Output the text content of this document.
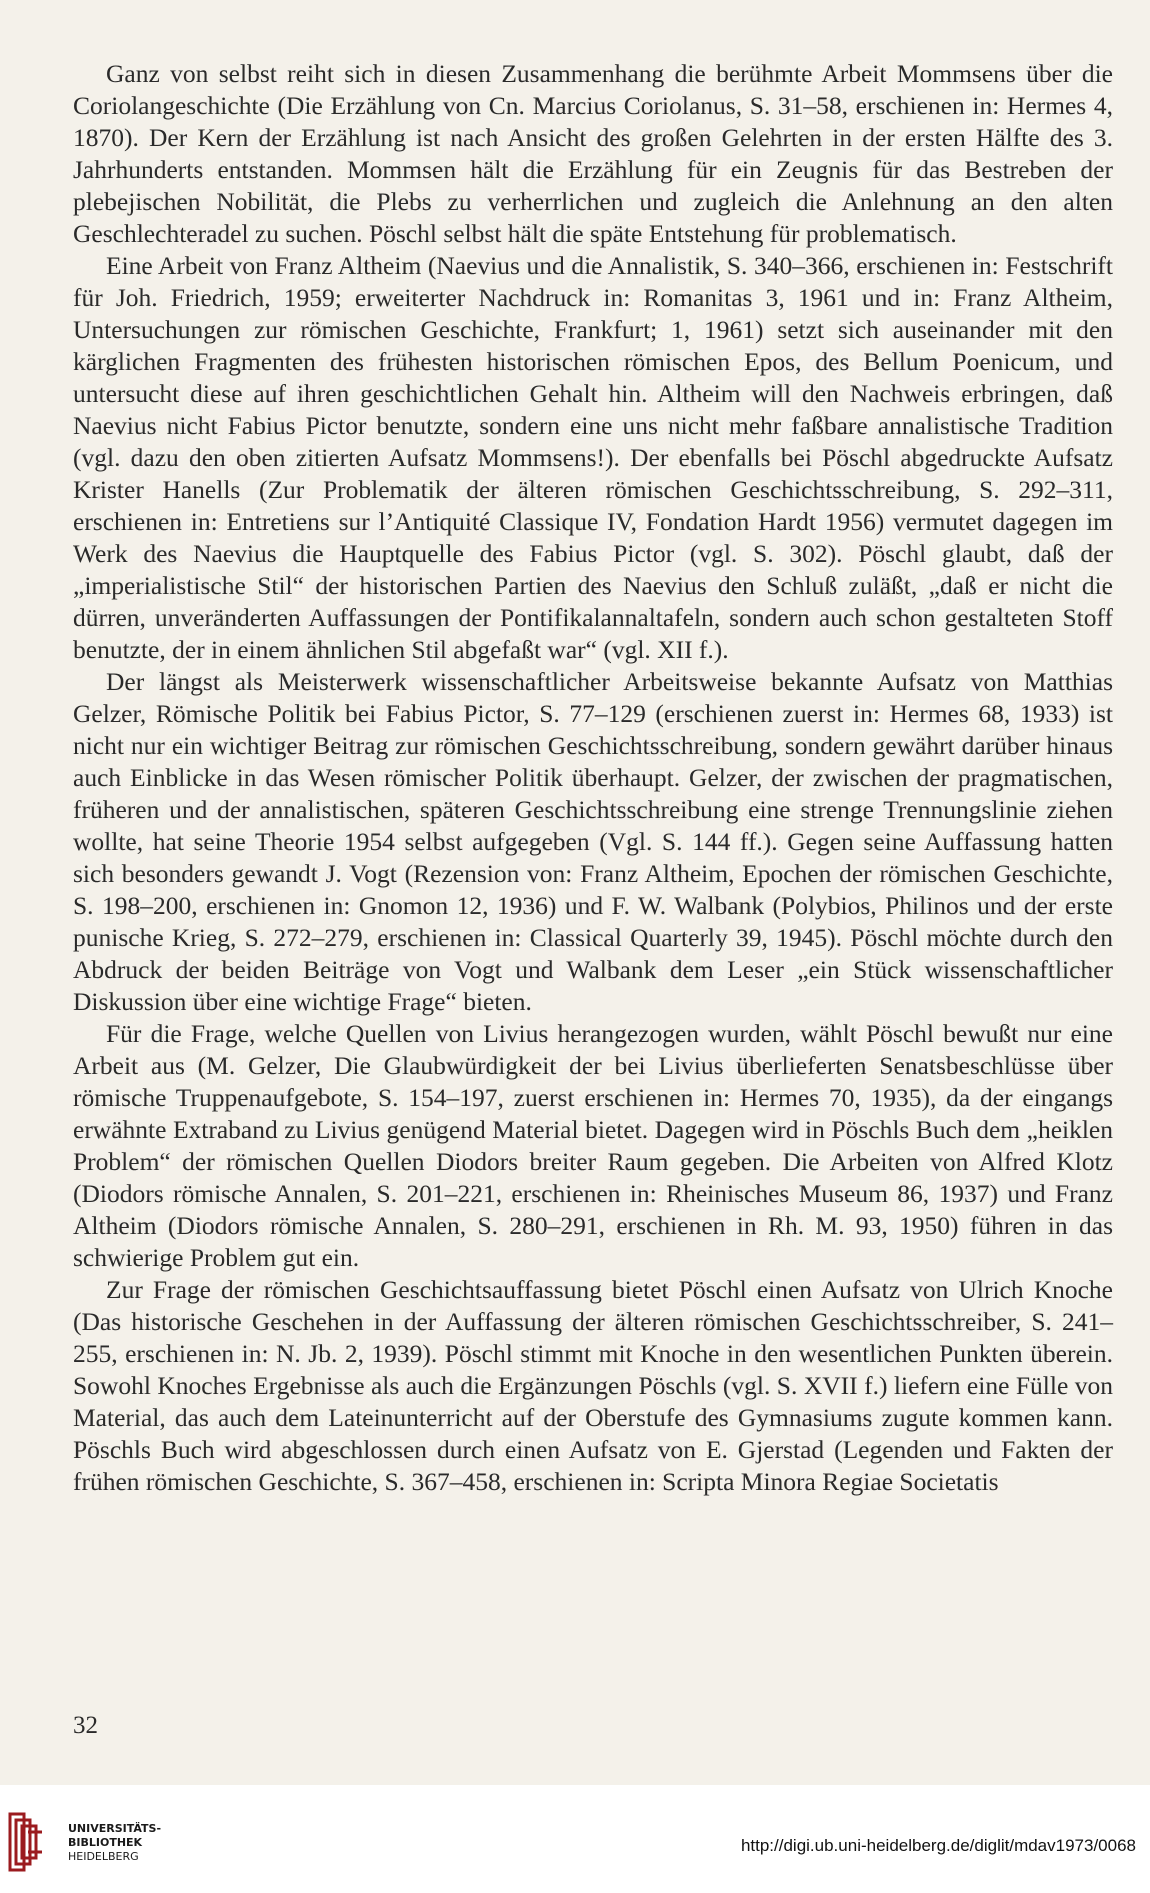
Ganz von selbst reiht sich in diesen Zusammenhang die berühmte Arbeit Mommsens über die Coriolangeschichte (Die Erzählung von Cn. Marcius Coriolanus, S. 31–58, erschienen in: Hermes 4, 1870). Der Kern der Erzählung ist nach Ansicht des großen Gelehrten in der ersten Hälfte des 3. Jahrhunderts entstanden. Mommsen hält die Erzählung für ein Zeugnis für das Bestreben der plebejischen Nobilität, die Plebs zu verherrlichen und zugleich die Anlehnung an den alten Geschlechteradel zu suchen. Pöschl selbst hält die späte Entstehung für problematisch.

Eine Arbeit von Franz Altheim (Naevius und die Annalistik, S. 340–366, erschienen in: Festschrift für Joh. Friedrich, 1959; erweiterter Nachdruck in: Romanitas 3, 1961 und in: Franz Altheim, Untersuchungen zur römischen Geschichte, Frankfurt; 1, 1961) setzt sich auseinander mit den kärglichen Fragmenten des frühesten historischen römischen Epos, des Bellum Poenicum, und untersucht diese auf ihren geschichtlichen Gehalt hin. Altheim will den Nachweis erbringen, daß Naevius nicht Fabius Pictor benutzte, sondern eine uns nicht mehr faßbare annalistische Tradition (vgl. dazu den oben zitierten Aufsatz Mommsens!). Der ebenfalls bei Pöschl abgedruckte Aufsatz Krister Hanells (Zur Problematik der älteren römischen Geschichtsschreibung, S. 292–311, erschienen in: Entretiens sur l’Antiquité Classique IV, Fondation Hardt 1956) vermutet dagegen im Werk des Naevius die Hauptquelle des Fabius Pictor (vgl. S. 302). Pöschl glaubt, daß der „imperialistische Stil“ der historischen Partien des Naevius den Schluß zuläßt, „daß er nicht die dürren, unveränderten Auffassungen der Pontifikalannaltafeln, sondern auch schon gestalteten Stoff benutzte, der in einem ähnlichen Stil abgefaßt war“ (vgl. XII f.).

Der längst als Meisterwerk wissenschaftlicher Arbeitsweise bekannte Aufsatz von Matthias Gelzer, Römische Politik bei Fabius Pictor, S. 77–129 (erschienen zuerst in: Hermes 68, 1933) ist nicht nur ein wichtiger Beitrag zur römischen Geschichtsschreibung, sondern gewährt darüber hinaus auch Einblicke in das Wesen römischer Politik überhaupt. Gelzer, der zwischen der pragmatischen, früheren und der annalistischen, späteren Geschichtsschreibung eine strenge Trennungslinie ziehen wollte, hat seine Theorie 1954 selbst aufgegeben (Vgl. S. 144 ff.). Gegen seine Auffassung hatten sich besonders gewandt J. Vogt (Rezension von: Franz Altheim, Epochen der römischen Geschichte, S. 198–200, erschienen in: Gnomon 12, 1936) und F. W. Walbank (Polybios, Philinos und der erste punische Krieg, S. 272–279, erschienen in: Classical Quarterly 39, 1945). Pöschl möchte durch den Abdruck der beiden Beiträge von Vogt und Walbank dem Leser „ein Stück wissenschaftlicher Diskussion über eine wichtige Frage“ bieten.

Für die Frage, welche Quellen von Livius herangezogen wurden, wählt Pöschl bewußt nur eine Arbeit aus (M. Gelzer, Die Glaubwürdigkeit der bei Livius überlieferten Senatsbeschlüsse über römische Truppenaufgebote, S. 154–197, zuerst erschienen in: Hermes 70, 1935), da der eingangs erwähnte Extraband zu Livius genügend Material bietet. Dagegen wird in Pöschls Buch dem „heiklen Problem“ der römischen Quellen Diodors breiter Raum gegeben. Die Arbeiten von Alfred Klotz (Diodors römische Annalen, S. 201–221, erschienen in: Rheinisches Museum 86, 1937) und Franz Altheim (Diodors römische Annalen, S. 280–291, erschienen in Rh. M. 93, 1950) führen in das schwierige Problem gut ein.

Zur Frage der römischen Geschichtsauffassung bietet Pöschl einen Aufsatz von Ulrich Knoche (Das historische Geschehen in der Auffassung der älteren römischen Geschichtsschreiber, S. 241–255, erschienen in: N. Jb. 2, 1939). Pöschl stimmt mit Knoche in den wesentlichen Punkten überein. Sowohl Knoches Ergebnisse als auch die Ergänzungen Pöschls (vgl. S. XVII f.) liefern eine Fülle von Material, das auch dem Lateinunterricht auf der Oberstufe des Gymnasiums zugute kommen kann. Pöschls Buch wird abgeschlossen durch einen Aufsatz von E. Gjerstad (Legenden und Fakten der frühen römischen Geschichte, S. 367–458, erschienen in: Scripta Minora Regiae Societatis

32
UNIVERSITÄTS-
BIBLIOTHEK
HEIDELBERG
http://digi.ub.uni-heidelberg.de/diglit/mdav1973/0068
